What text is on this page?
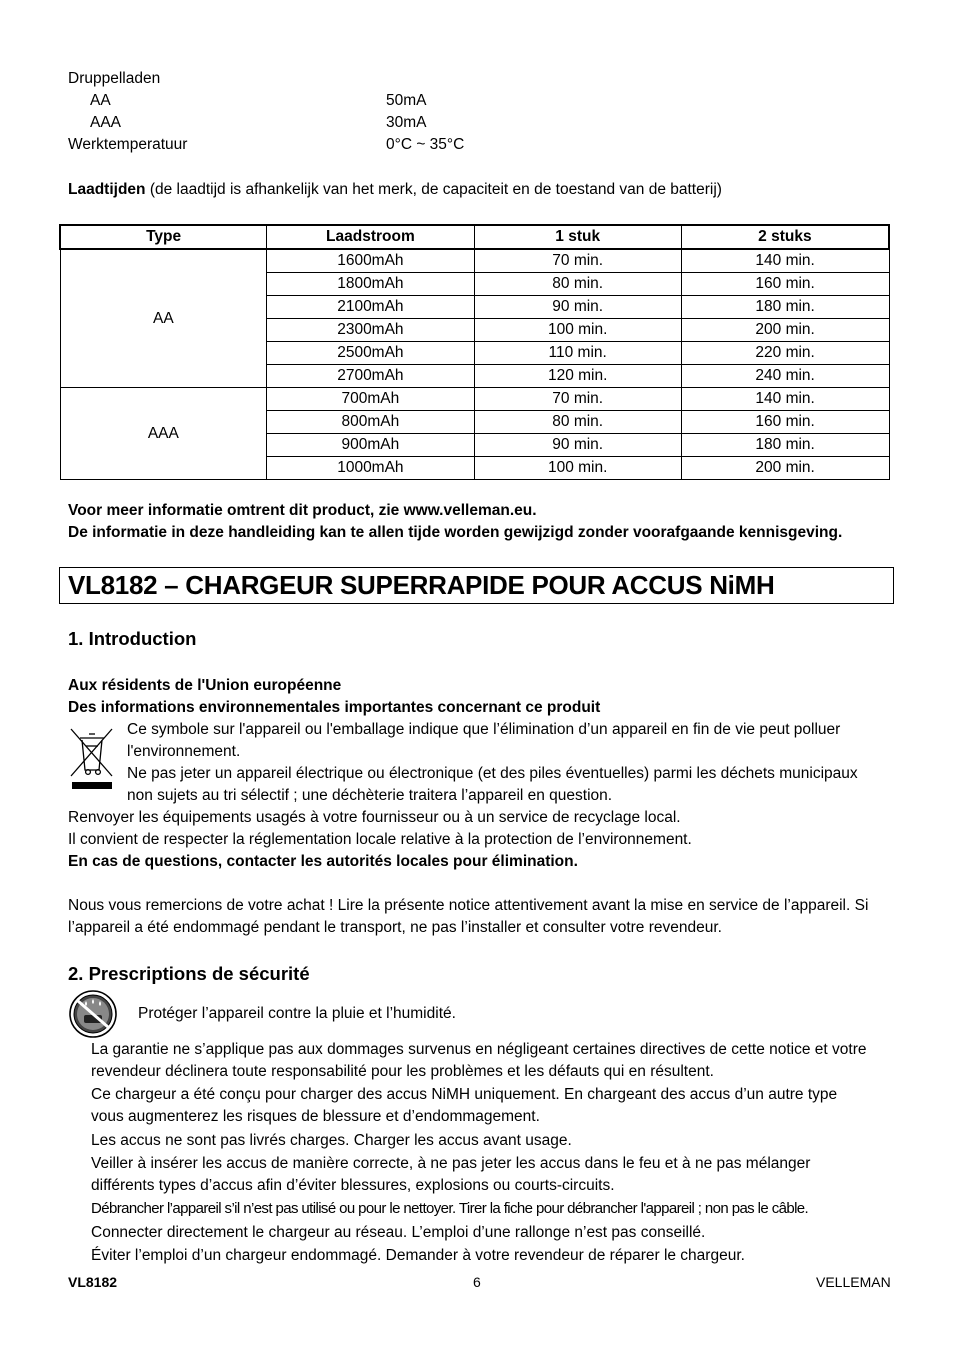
Druppelladen
AA	50mA
AAA	30mA
Werktemperatuur	0°C ~ 35°C
Laadtijden (de laadtijd is afhankelijk van het merk, de capaciteit en de toestand van de batterij)
Type	Laadstroom	1 stuk	2 stuks
AA	1600mAh	70 min.	140 min.
	1800mAh	80 min.	160 min.
	2100mAh	90 min.	180 min.
	2300mAh	100 min.	200 min.
	2500mAh	110 min.	220 min.
	2700mAh	120 min.	240 min.
AAA	700mAh	70 min.	140 min.
	800mAh	80 min.	160 min.
	900mAh	90 min.	180 min.
	1000mAh	100 min.	200 min.
Voor meer informatie omtrent dit product, zie www.velleman.eu.
De informatie in deze handleiding kan te allen tijde worden gewijzigd zonder voorafgaande kennisgeving.
VL8182 – CHARGEUR SUPERRAPIDE POUR ACCUS NiMH
1. Introduction
Aux résidents de l'Union européenne
Des informations environnementales importantes concernant ce produit
Ce symbole sur l'appareil ou l'emballage indique que l’élimination d’un appareil en fin de vie peut polluer
l'environnement.
Ne pas jeter un appareil électrique ou électronique (et des piles éventuelles) parmi les déchets municipaux
non sujets au tri sélectif ; une déchèterie traitera l’appareil en question.
Renvoyer les équipements usagés à votre fournisseur ou à un service de recyclage local.
Il convient de respecter la réglementation locale relative à la protection de l’environnement.
En cas de questions, contacter les autorités locales pour élimination.
Nous vous remercions de votre achat ! Lire la présente notice attentivement avant la mise en service de l’appareil. Si
l’appareil a été endommagé pendant le transport, ne pas l’installer et consulter votre revendeur.
2. Prescriptions de sécurité
Protéger l’appareil contre la pluie et l’humidité.
La garantie ne s’applique pas aux dommages survenus en négligeant certaines directives de cette notice et votre
revendeur déclinera toute responsabilité pour les problèmes et les défauts qui en résultent.
Ce chargeur a été conçu pour charger des accus NiMH uniquement. En chargeant des accus d’un autre type
vous augmenterez les risques de blessure et d’endommagement.
Les accus ne sont pas livrés charges. Charger les accus avant usage.
Veiller à insérer les accus de manière correcte, à ne pas jeter les accus dans le feu et à ne pas mélanger
différents types d’accus afin d’éviter blessures, explosions ou courts-circuits.
Débrancher l’appareil s’il n’est pas utilisé ou pour le nettoyer. Tirer la fiche pour débrancher l'appareil ; non pas le câble.
Connecter directement le chargeur au réseau. L’emploi d’une rallonge n’est pas conseillé.
Éviter l’emploi d’un chargeur endommagé. Demander à votre revendeur de réparer le chargeur.
VL8182	6	VELLEMAN
